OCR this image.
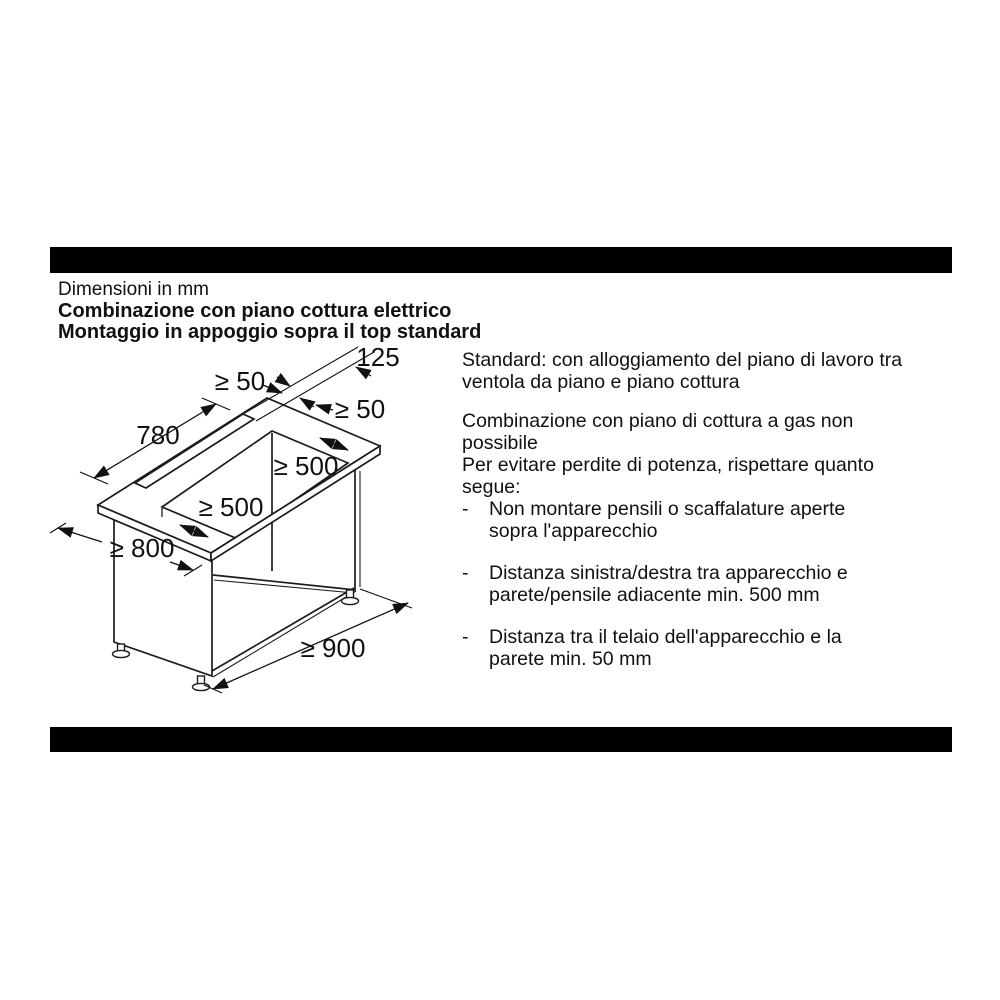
Dimensioni in mm
Combinazione con piano cottura elettrico
Montaggio in appoggio sopra il top standard
780
≥ 50
125
≥ 50
≥ 500
≥ 500
≥ 800
≥ 900
Standard: con alloggiamento del piano di lavoro tra
ventola da piano e piano cottura
Combinazione con piano di cottura a gas non
possibile
Per evitare perdite di potenza, rispettare quanto
segue:
-	Non montare pensili o scaffalature aperte
sopra l'apparecchio
-	Distanza sinistra/destra tra apparecchio e
parete/pensile adiacente min. 500 mm
-	Distanza tra il telaio dell'apparecchio e la
parete min. 50 mm
